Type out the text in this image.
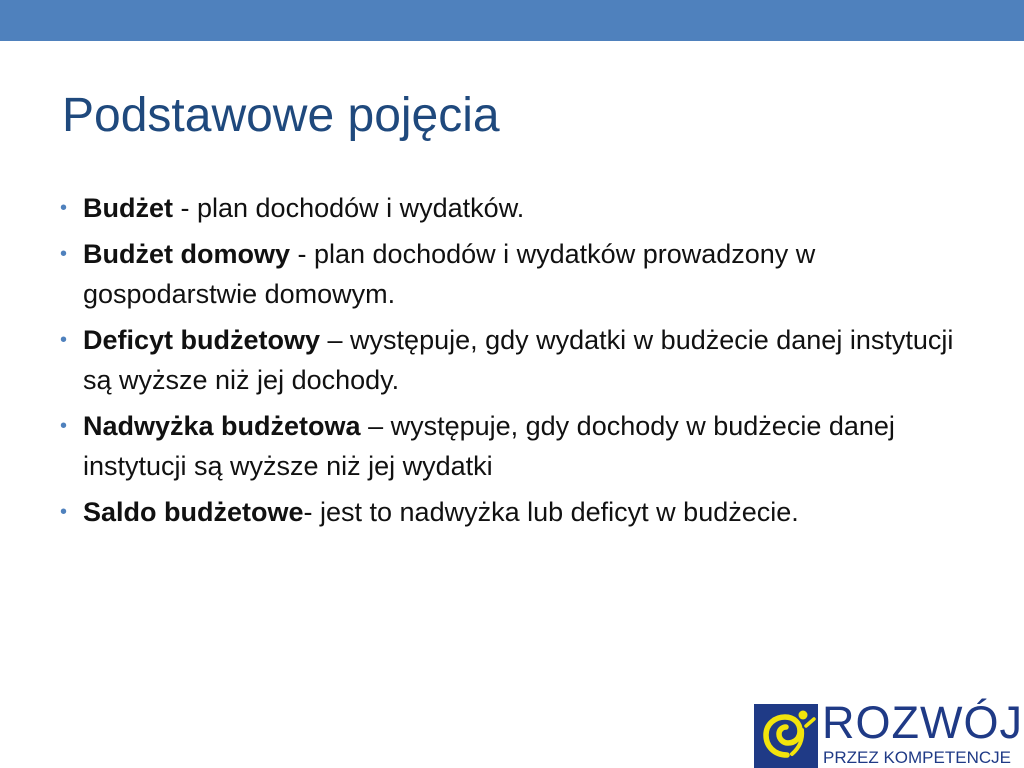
Podstawowe pojęcia
• Budżet - plan dochodów i wydatków.
• Budżet domowy - plan dochodów i wydatków prowadzony w gospodarstwie domowym.
• Deficyt budżetowy – występuje, gdy wydatki w budżecie danej instytucji są wyższe niż jej dochody.
• Nadwyżka budżetowa – występuje, gdy dochody w budżecie danej instytucji są wyższe niż jej wydatki
• Saldo budżetowe- jest to nadwyżka lub deficyt w budżecie.
ROZWÓJ
PRZEZ KOMPETENCJE
